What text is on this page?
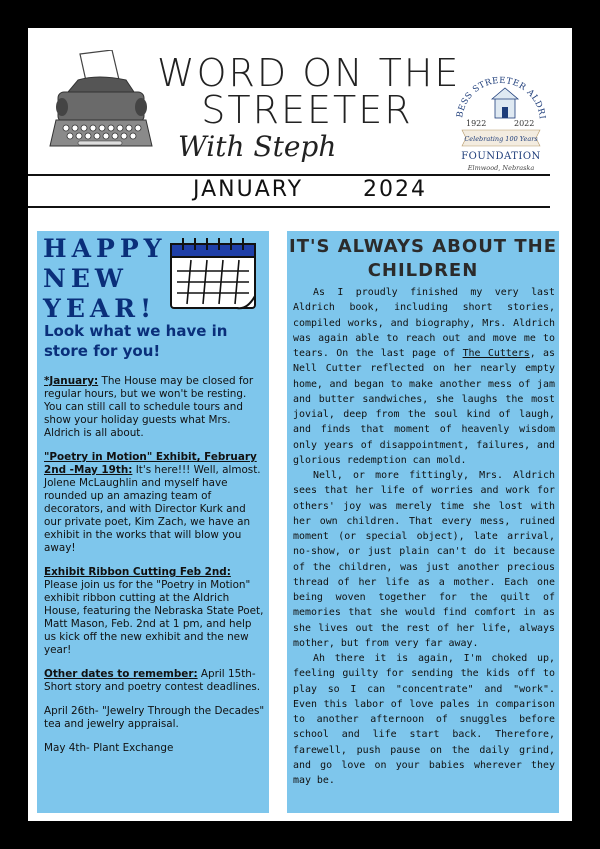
WORD ON THE
STREETER
With Steph
BESS STREETER ALDRI
1922	2022
Celebrating 100 Years
FOUNDATION
Elmwood, Nebraska
JANUARY	2024
HAPPY
NEW
YEAR!
Look what we have in store for you!

*January: The House may be closed for regular hours, but we won't be resting. You can still call to schedule tours and show your holiday guests what Mrs. Aldrich is all about.

"Poetry in Motion" Exhibit, February 2nd -May 19th: It's here!!! Well, almost. Jolene McLaughlin and myself have rounded up an amazing team of decorators, and with Director Kurk and our private poet, Kim Zach, we have an exhibit in the works that will blow you away!

Exhibit Ribbon Cutting Feb 2nd: Please join us for the "Poetry in Motion" exhibit ribbon cutting at the Aldrich House, featuring the Nebraska State Poet, Matt Mason, Feb. 2nd at 1 pm, and help us kick off the new exhibit and the new year!

Other dates to remember: April 15th- Short story and poetry contest deadlines.

April 26th- "Jewelry Through the Decades" tea and jewelry appraisal.

May 4th- Plant Exchange

IT'S ALWAYS ABOUT THE CHILDREN

As I proudly finished my very last Aldrich book, including short stories, compiled works, and biography, Mrs. Aldrich was again able to reach out and move me to tears. On the last page of The Cutters, as Nell Cutter reflected on her nearly empty home, and began to make another mess of jam and butter sandwiches, she laughs the most jovial, deep from the soul kind of laugh, and finds that moment of heavenly wisdom only years of disappointment, failures, and glorious redemption can mold.

Nell, or more fittingly, Mrs. Aldrich sees that her life of worries and work for others' joy was merely time she lost with her own children. That every mess, ruined moment (or special object), late arrival, no-show, or just plain can't do it because of the children, was just another precious thread of her life as a mother. Each one being woven together for the quilt of memories that she would find comfort in as she lives out the rest of her life, always mother, but from very far away.

Ah there it is again, I'm choked up, feeling guilty for sending the kids off to play so I can "concentrate" and "work". Even this labor of love pales in comparison to another afternoon of snuggles before school and life start back. Therefore, farewell, push pause on the daily grind, and go love on your babies wherever they may be.
